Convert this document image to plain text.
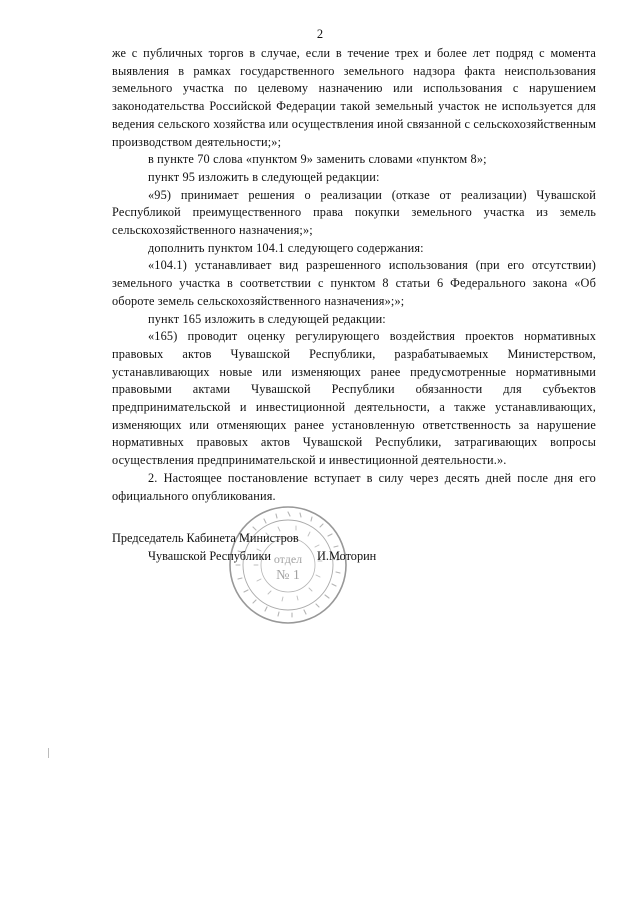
2

же с публичных торгов в случае, если в течение трех и более лет подряд с момента выявления в рамках государственного земельного надзора факта неиспользования земельного участка по целевому назначению или использования с нарушением законодательства Российской Федерации такой земельный участок не используется для ведения сельского хозяйства или осуществления иной связанной с сельскохозяйственным производством деятельности;»;

в пункте 70 слова «пунктом 9» заменить словами «пунктом 8»;

пункт 95 изложить в следующей редакции:

«95) принимает решения о реализации (отказе от реализации) Чувашской Республикой преимущественного права покупки земельного участка из земель сельскохозяйственного назначения;»;

дополнить пунктом 104.1 следующего содержания:

«104.1) устанавливает вид разрешенного использования (при его отсутствии) земельного участка в соответствии с пунктом 8 статьи 6 Федерального закона «Об обороте земель сельскохозяйственного назначения»;»;

пункт 165 изложить в следующей редакции:

«165) проводит оценку регулирующего воздействия проектов нормативных правовых актов Чувашской Республики, разрабатываемых Министерством, устанавливающих новые или изменяющих ранее предусмотренные нормативными правовыми актами Чувашской Республики обязанности для субъектов предпринимательской и инвестиционной деятельности, а также устанавливающих, изменяющих или отменяющих ранее установленную ответственность за нарушение нормативных правовых актов Чувашской Республики, затрагивающих вопросы осуществления предпринимательской и инвестиционной деятельности.».

2. Настоящее постановление вступает в силу через десять дней после дня его официального опубликования.

отдел
№ 1
Председатель Кабинета Министров
Чувашской Республики	И.Моторин
